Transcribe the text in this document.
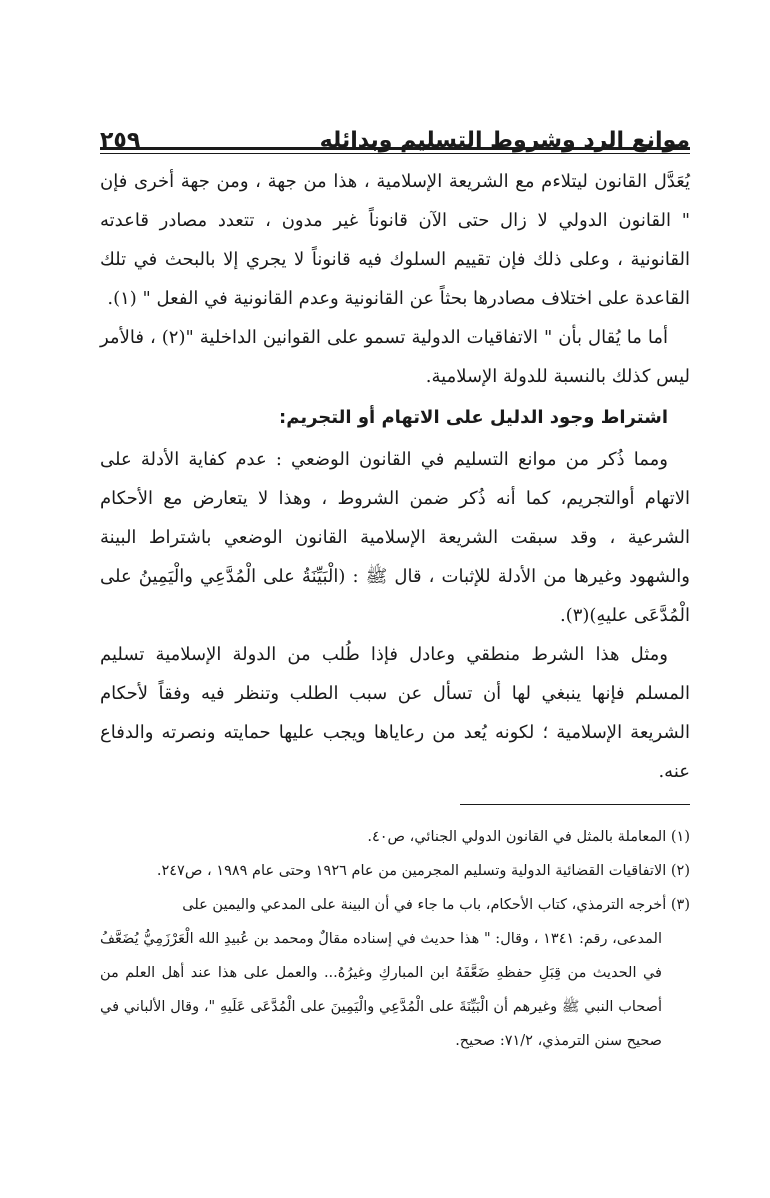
موانع الرد وشروط التسليم وبدائله
٢٥٩

يُعَدَّل القانون ليتلاءم مع الشريعة الإسلامية ، هذا من جهة ، ومن جهة أخرى فإن " القانون الدولي لا زال حتى الآن قانوناً غير مدون ، تتعدد مصادر قاعدته القانونية ، وعلى ذلك فإن تقييم السلوك فيه قانوناً لا يجري إلا بالبحث في تلك القاعدة على اختلاف مصادرها بحثاً عن القانونية وعدم القانونية في الفعل " (١).

أما ما يُقال بأن " الاتفاقيات الدولية تسمو على القوانين الداخلية "(٢) ، فالأمر ليس كذلك بالنسبة للدولة الإسلامية.

اشتراط وجود الدليل على الاتهام أو التجريم:

ومما ذُكر من موانع التسليم في القانون الوضعي : عدم كفاية الأدلة على الاتهام أوالتجريم، كما أنه ذُكر ضمن الشروط ، وهذا لا يتعارض مع الأحكام الشرعية ، وقد سبقت الشريعة الإسلامية القانون الوضعي باشتراط البينة والشهود وغيرها من الأدلة للإثبات ، قال ﷺ : (الْبَيِّنَةُ على الْمُدَّعِي والْيَمِينُ على الْمُدَّعَى عليهِ)(٣).

ومثل هذا الشرط منطقي وعادل فإذا طُلب من الدولة الإسلامية تسليم المسلم فإنها ينبغي لها أن تسأل عن سبب الطلب وتنظر فيه وفقاً لأحكام الشريعة الإسلامية ؛ لكونه يُعد من رعاياها ويجب عليها حمايته ونصرته والدفاع عنه.

(١) المعاملة بالمثل في القانون الدولي الجنائي، ص٤٠.

(٢) الاتفاقيات القضائية الدولية وتسليم المجرمين من عام ١٩٢٦ وحتى عام ١٩٨٩ ، ص٢٤٧.

(٣) أخرجه الترمذي، كتاب الأحكام، باب ما جاء في أن البينة على المدعي واليمين على

المدعى، رقم: ١٣٤١ ، وقال: " هذا حديث في إسناده مقالٌ ومحمد بن عُبيدِ الله الْعَرْزَمِيُّ يُضَعَّفُ في الحديث من قِبَلِ حفظهِ ضَعَّفَهُ ابن المباركِ وغيرُهُ... والعمل على هذا عند أهل العلم من أصحاب النبي ﷺ وغيرهم أن الْبَيِّنَةَ على الْمُدَّعِي والْيَمِينَ على الْمُدَّعَى عَلَيهِ "، وقال الألباني في صحيح سنن الترمذي، ٧١/٢: صحيح.
